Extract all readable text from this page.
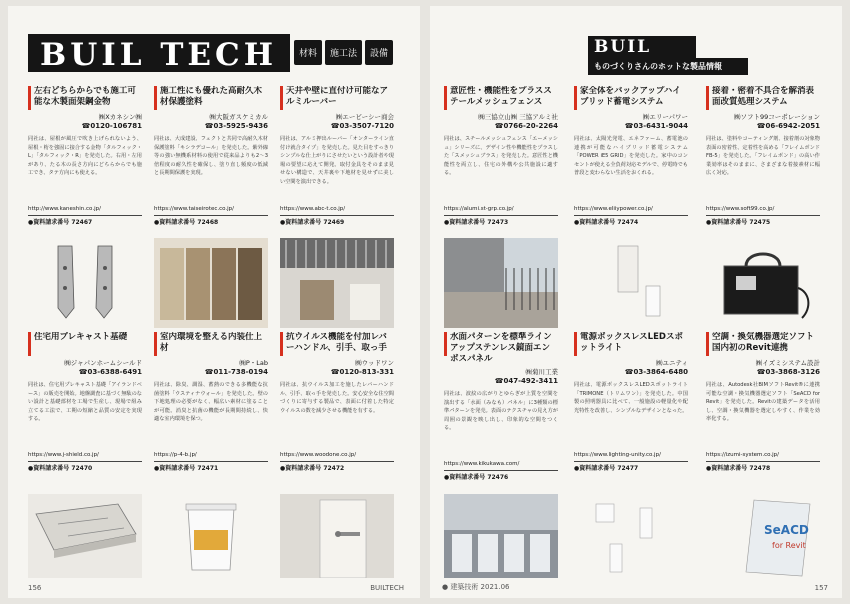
BUIL TECH	材料	施工法	設備
左右どちらからでも施工可能な木製面架鋼金物
㈱Xカネシン㈱
☎0120-106781
同社は、屋根が風圧で吹き上げられないよう、屋根・桁を強固に接合する金物「タルフィック・L」「タルフィック・R」を発売した。右用・左用があり、たる木の長さ方向にどちらからでも施工でき、タテ方向にも使える。
http://www.kaneshin.co.jp/
●資料請求番号 72467
施工性にも優れた高耐久木材保護塗料
㈱大阪ガスケミカル
☎03-5925-9436
同社は、大成建設、フェクトと共同で高耐久木材保護塗料「キシラデコール」を発売した。紫外線等の強い無機系材料の使用で従来品よりも2〜3倍程度の耐久性を確保し、塗り直し頻度の低減と長期間保護を実現。
https://www.taiseirotec.co.jp/
●資料請求番号 72468
天井や壁に直付け可能なアルミルーバー
㈱エービーシー商会
☎03-3507-7120
同社は、アルミ押出ルーバー「オンターライン直付け就合タイプ」を発売した。見た目をすっきりシンプルな仕上がりにさせたいという設計者や現場の要望に応えて開発。取付金具をそのまま見せない構造で、天井裏や下地材を見せずに美しい空間を演出できる。
https://www.abc-t.co.jp/
●資料請求番号 72469
住宅用プレキャスト基礎
㈱ジャパンホームシールド
☎03-6388-6491
同社は、住宅用プレキャスト基礎「アイランドベース」の販売を開始。地盤調査に基づく無駄のない設計と基礎部材を工場で生産し、現場で組み立てる工法で、工期の短縮と品質の安定を実現する。
https://www.j-shield.co.jp/
●資料請求番号 72470
室内環境を整える内装仕上材
㈱P・Lab
☎011-738-0194
同社は、除臭、調湿、蓄熱のできる多機能な抗菌塗料「ウスティナウォール」を発売した。壁の下地処理の必要がなく、幅広い素材に塗ることが可能。消臭と抗菌の機能が長期間持続し、快適な室内環境を保つ。
https://p-4-b.jp/
●資料請求番号 72471
抗ウイルス機能を付加レバーハンドル、引手、取っ手
㈱ウッドワン
☎0120-813-331
同社は、抗ウイルス加工を施したレバーハンドル、引手、取っ手を発売した。安心安全な住空間づくりに寄与する製品で、表面に付着した特定ウイルスの数を減少させる機能を有する。
https://www.woodone.co.jp/
●資料請求番号 72472
156	BUILTECH
BUIL
ものづくりさんのホットな製品情報
意匠性・機能性をプラスステールメッシュフェンス
㈱三協立山㈱ 三協アルミ社
☎0766-20-2264
同社は、スチールメッシュフェンス「エーメッシュ」シリーズに、デザイン性や機能性をプラスした「スメッシュブラス」を発売した。意匠性と機能性を両立し、住宅の外構や公共施設に適する。
https://alumi.st-grp.co.jp/
●資料請求番号 72473
家全体をバックアップハイブリッド蓄電システム
㈱エリーパワー
☎03-6431-9044
同社は、太陽光発電、エネファーム、蓄電池の連携が可能なハイブリッド蓄電システム「POWER iE5 GRID」を発売した。家中のコンセントが使える全負荷対応モデルで、停電時でも普段と変わらない生活をおくれる。
https://www.eliiypower.co.jp/
●資料請求番号 72474
接着・密着不具合を解消表面改質処理システム
㈱ソフト99コーポレーション
☎06-6942-2051
同社は、塗料やコーティング剤、接着剤の対象物表面の密着性、定着性を高める「フレイムボンド FB-5」を発売した。「フレイムボンド」の高い作業効率はそのままに、さまざまな着接素材に幅広く対応。
https://www.soft99.co.jp/
●資料請求番号 72475
水面パターンを標準ラインアップステンレス鏡面エンボスパネル
㈱菊川工業
☎047-492-3411
同社は、波紋の広がりとゆらぎが上質を空間を演出する「水面（みなも）パネル」に3種類の標準パターンを発売。表面のテクスチャの見え方が周囲の景観を映し出し、印象的な空間をつくる。
https://www.kikukawa.com/
●資料請求番号 72476
電源ボックスレスLEDスポットライト
㈱ユニティ
☎03-3864-6480
同社は、電源ボックスレスLEDスポットライト「TRIMONE（トリムワン）」を発売した。中国製の照明器具に比べて、一般施設の軽量化や配光特性を改善し、シンプルなデザインとなった。
https://www.lighting-unity.co.jp/
●資料請求番号 72477
空調・換気機器選定ソフト国内初のRevit連携
㈱イズミシステム設計
☎03-3868-3126
同社は、Autodesk社BIMソフトRevit®に連携可能な空調・換気機器選定ソフト「SeACD for Revit」を発売した。Revitの建築データを活用し、空調・換気機器を選定しやすく、作業を効率化する。
https://izumi-system.co.jp/
●資料請求番号 72478
SeACD
for Revit
● 建築技術 2021.06	157
